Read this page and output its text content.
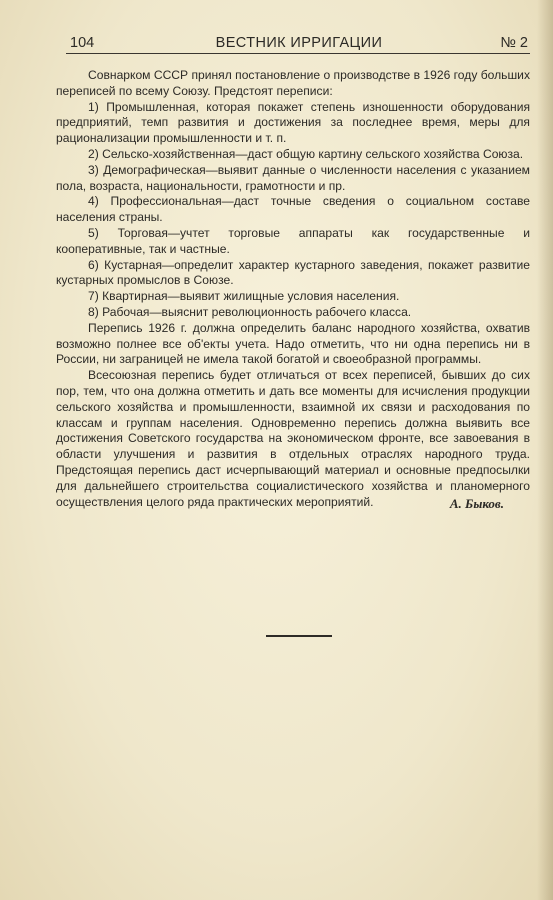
104	ВЕСТНИК ИРРИГАЦИИ	№ 2

Совнарком СССР принял постановление о производстве в 1926 году больших переписей по всему Союзу. Предстоят переписи:

1) Промышленная, которая покажет степень изношенности оборудования предприятий, темп развития и достижения за последнее время, меры для рационализации промышленности и т. п.

2) Сельско-хозяйственная—даст общую картину сельского хозяйства Союза.

3) Демографическая—выявит данные о численности населения с указанием пола, возраста, национальности, грамотности и пр.

4) Профессиональная—даст точные сведения о социальном составе населения страны.

5) Торговая—учтет торговые аппараты как государственные и кооперативные, так и частные.

6) Кустарная—определит характер кустарного заведения, покажет развитие кустарных промыслов в Союзе.

7) Квартирная—выявит жилищные условия населения.

8) Рабочая—выяснит революционность рабочего класса.

Перепись 1926 г. должна определить баланс народного хозяйства, охватив возможно полнее все об'екты учета. Надо отметить, что ни одна перепись ни в России, ни заграницей не имела такой богатой и своеобразной программы.

Всесоюзная перепись будет отличаться от всех переписей, бывших до сих пор, тем, что она должна отметить и дать все моменты для исчисления продукции сельского хозяйства и промышленности, взаимной их связи и расходования по классам и группам населения. Одновременно перепись должна выявить все достижения Советского государства на экономическом фронте, все завоевания в области улучшения и развития в отдельных отраслях народного труда. Предстоящая перепись даст исчерпывающий материал и основные предпосылки для дальнейшего строительства социалистического хозяйства и планомерного осуществления целого ряда практических мероприятий.	А. Быков.
